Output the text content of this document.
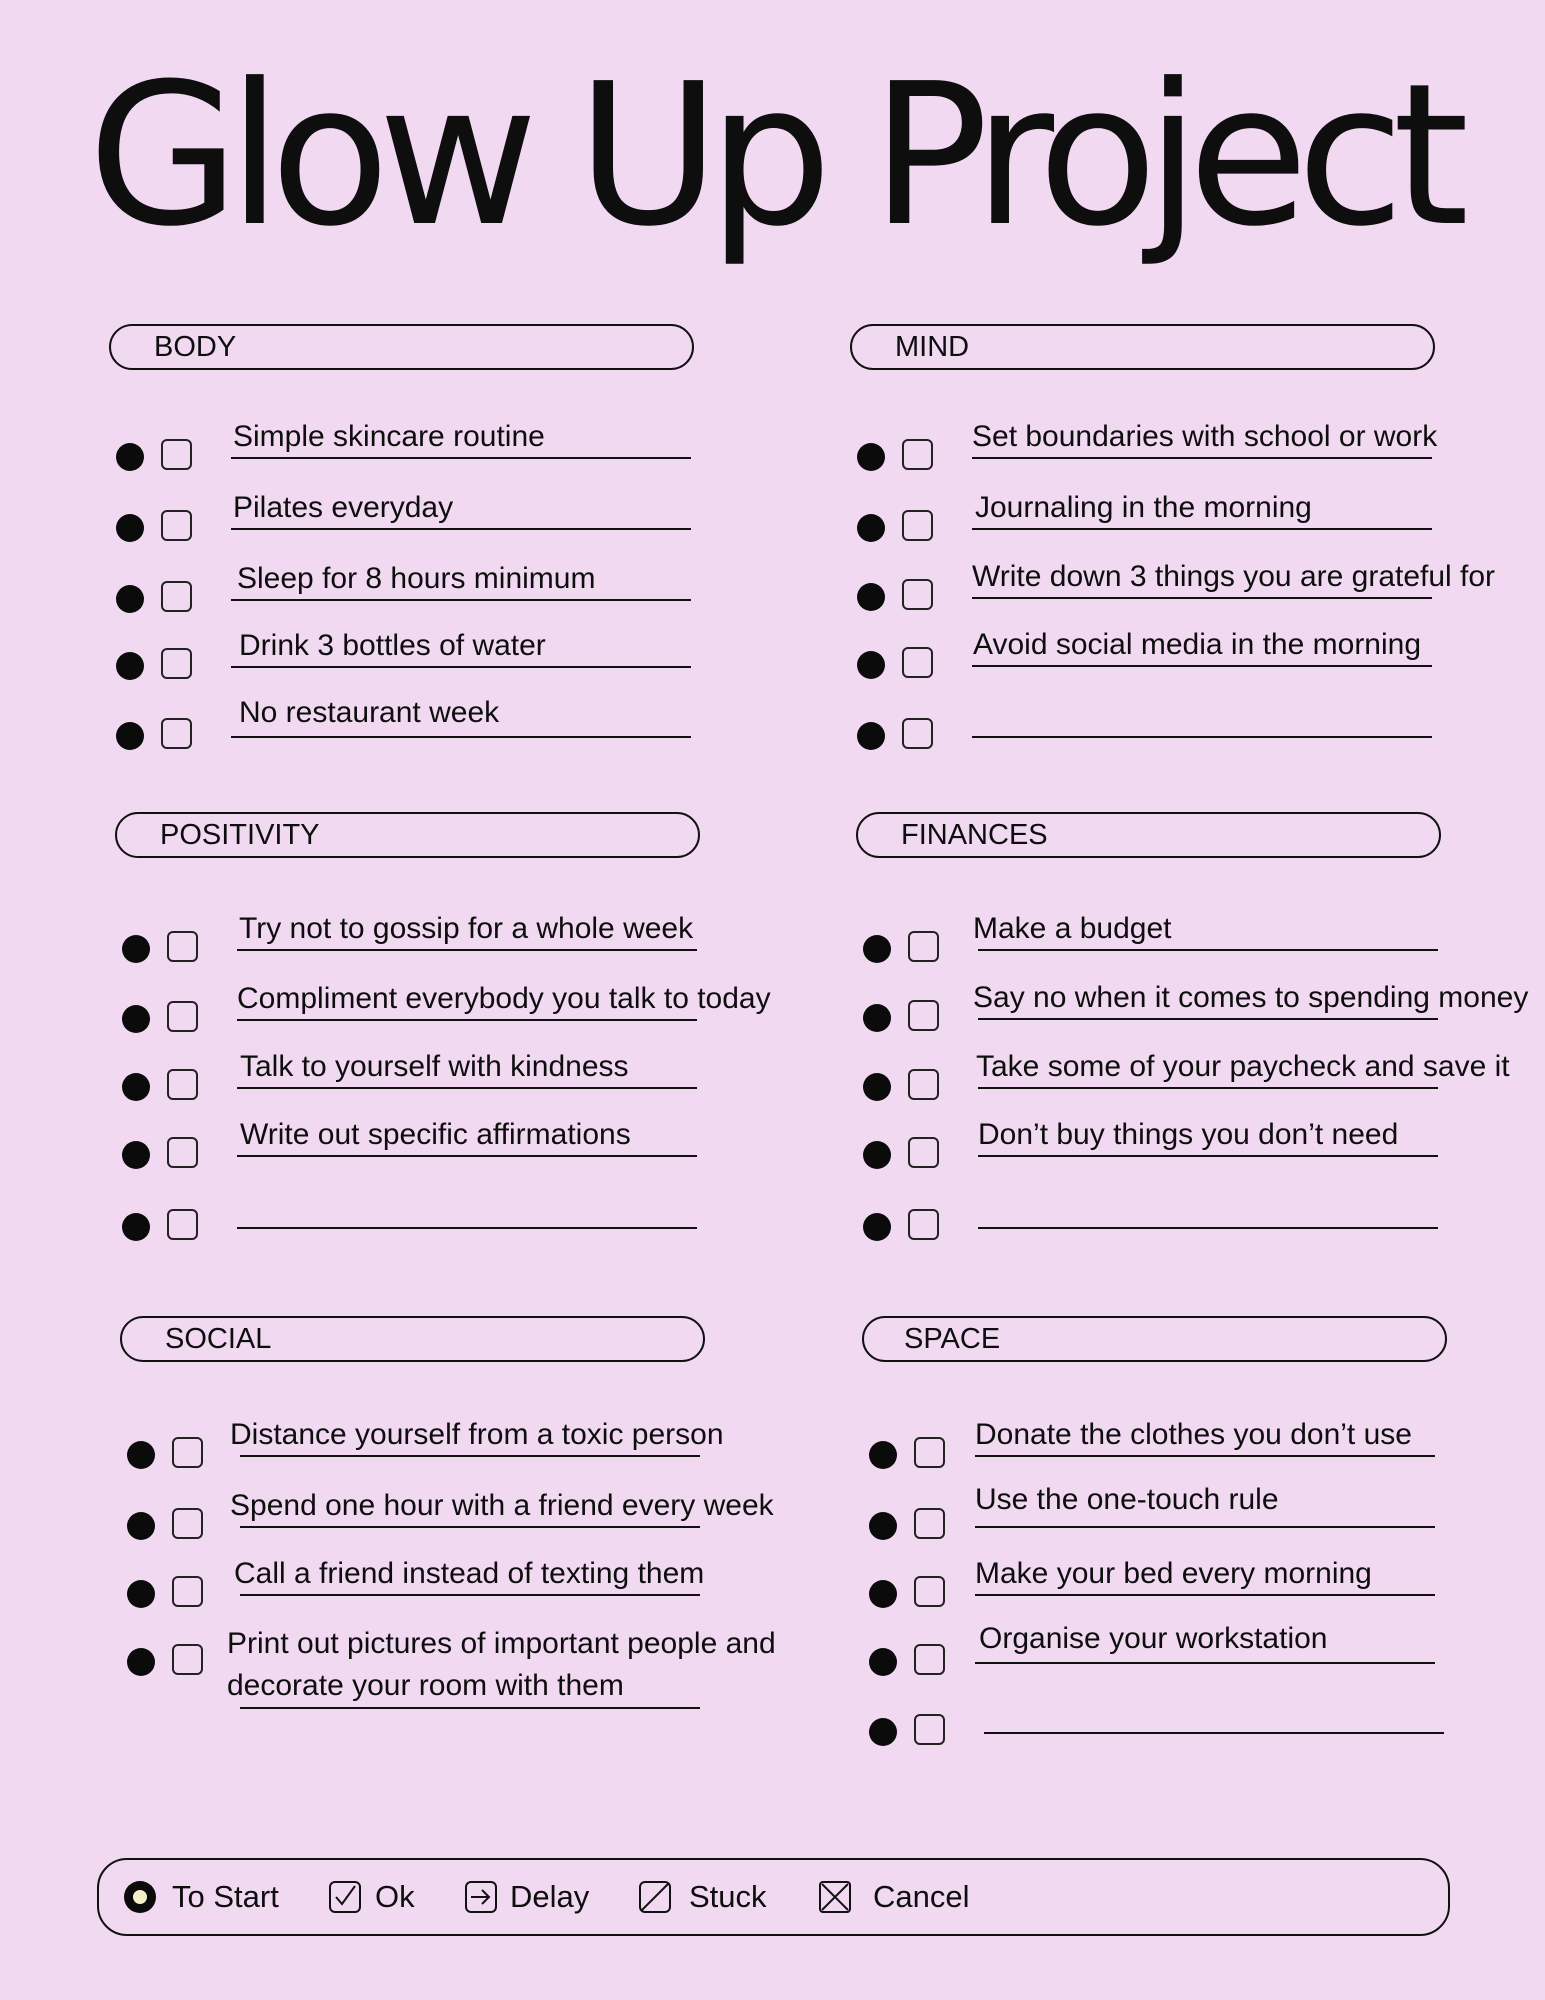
Glow Up Project
BODY
Simple skincare routine
Pilates everyday
Sleep for 8 hours minimum
Drink 3 bottles of water
No restaurant week
MIND
Set boundaries with school or work
Journaling in the morning
Write down 3 things you are grateful for
Avoid social media in the morning
POSITIVITY
Try not to gossip for a whole week
Compliment everybody you talk to today
Talk to yourself with kindness
Write out specific affirmations
FINANCES
Make a budget
Say no when it comes to spending money
Take some of your paycheck and save it
Don’t buy things you don’t need
SOCIAL
Distance yourself from a toxic person
Spend one hour with a friend every week
Call a friend instead of texting them
Print out pictures of important people and decorate your room with them
SPACE
Donate the clothes you don’t use
Use the one-touch rule
Make your bed every morning
Organise your workstation
To Start	Ok	Delay	Stuck	Cancel
